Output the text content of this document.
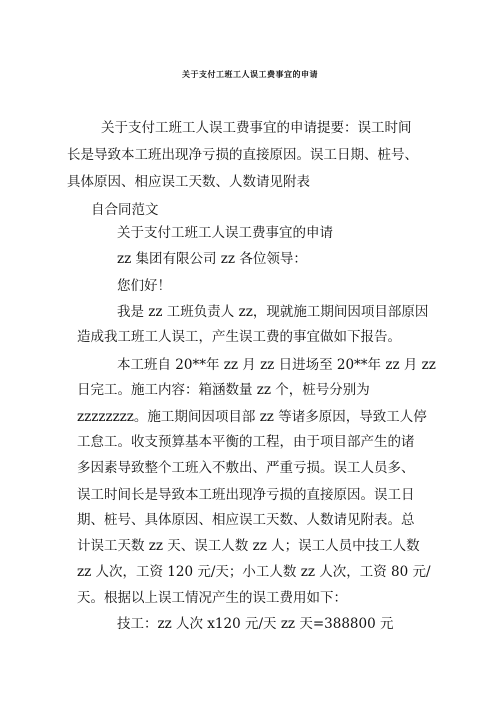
关于支付工班工人误工费事宜的申请
关于支付工班工人误工费事宜的申请提要：误工时间
长是导致本工班出现净亏损的直接原因。误工日期、桩号、
具体原因、相应误工天数、人数请见附表
自合同范文
关于支付工班工人误工费事宜的申请
zz 集团有限公司 zz 各位领导：
您们好！
我是 zz 工班负责人 zz，现就施工期间因项目部原因
造成我工班工人误工，产生误工费的事宜做如下报告。
本工班自 20**年 zz 月 zz 日进场至 20**年 zz 月 zz
日完工。施工内容：箱涵数量 zz 个，桩号分别为
zzzzzzzz。施工期间因项目部 zz 等诸多原因，导致工人停
工怠工。收支预算基本平衡的工程，由于项目部产生的诸
多因素导致整个工班入不敷出、严重亏损。误工人员多、
误工时间长是导致本工班出现净亏损的直接原因。误工日
期、桩号、具体原因、相应误工天数、人数请见附表。总
计误工天数 zz 天、误工人数 zz 人；误工人员中技工人数
zz 人次，工资 120 元/天；小工人数 zz 人次，工资 80 元/
天。根据以上误工情况产生的误工费用如下：
技工：zz 人次 x120 元/天 zz 天=388800 元
